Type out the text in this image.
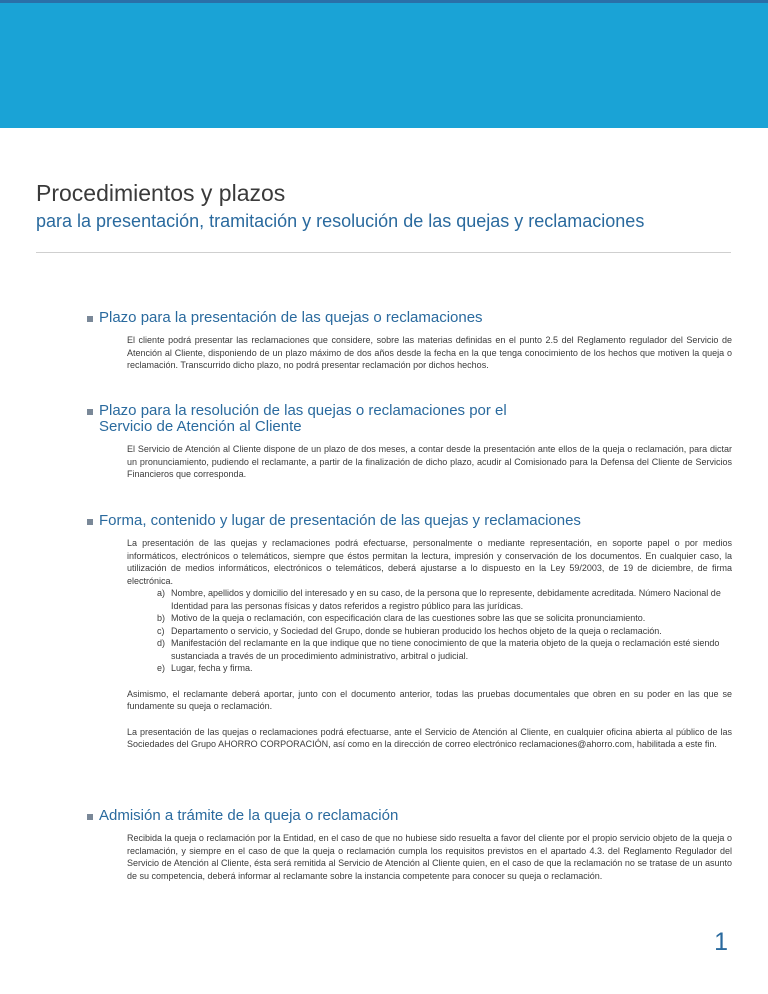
Procedimientos y plazos
para la presentación, tramitación y resolución de las quejas y reclamaciones
Plazo para la presentación de las quejas o reclamaciones

El cliente podrá presentar las reclamaciones que considere, sobre las materias definidas en el punto 2.5 del Reglamento regulador del Servicio de Atención al Cliente, disponiendo de un plazo máximo de dos años desde la fecha en la que tenga conocimiento de los hechos que motiven la queja o reclamación. Transcurrido dicho plazo, no podrá presentar reclamación por dichos hechos.

Plazo para la resolución de las quejas o reclamaciones por el
Servicio de Atención al Cliente

El Servicio de Atención al Cliente dispone de un plazo de dos meses, a contar desde la presentación ante ellos de la queja o reclamación, para dictar un pronunciamiento, pudiendo el reclamante, a partir de la finalización de dicho plazo, acudir al Comisionado para la Defensa del Cliente de Servicios Financieros que corresponda.

Forma, contenido y lugar de presentación de las quejas y reclamaciones

La presentación de las quejas y reclamaciones podrá efectuarse, personalmente o mediante representación, en soporte papel o por medios informáticos, electrónicos o telemáticos, siempre que éstos permitan la lectura, impresión y conservación de los documentos. En cualquier caso, la utilización de medios informáticos, electrónicos o telemáticos, deberá ajustarse a lo dispuesto en la Ley 59/2003, de 19 de diciembre, de firma electrónica.

a) Nombre, apellidos y domicilio del interesado y en su caso, de la persona que lo represente, debidamente acreditada. Número Nacional de Identidad para las personas físicas y datos referidos a registro público para las jurídicas.
b) Motivo de la queja o reclamación, con especificación clara de las cuestiones sobre las que se solicita pronunciamiento.
c) Departamento o servicio, y Sociedad del Grupo, donde se hubieran producido los hechos objeto de la queja o reclamación.
d) Manifestación del reclamante en la que indique que no tiene conocimiento de que la materia objeto de la queja o reclamación esté siendo sustanciada a través de un procedimiento administrativo, arbitral o judicial.
e) Lugar, fecha y firma.

Asimismo, el reclamante deberá aportar, junto con el documento anterior, todas las pruebas documentales que obren en su poder en las que se fundamente su queja o reclamación.

La presentación de las quejas o reclamaciones podrá efectuarse, ante el Servicio de Atención al Cliente, en cualquier oficina abierta al público de las Sociedades del Grupo AHORRO CORPORACIÓN, así como en la dirección de correo electrónico reclamaciones@ahorro.com, habilitada a este fin.

Admisión a trámite de la queja o reclamación

Recibida la queja o reclamación por la Entidad, en el caso de que no hubiese sido resuelta a favor del cliente por el propio servicio objeto de la queja o reclamación, y siempre en el caso de que la queja o reclamación cumpla los requisitos previstos en el apartado 4.3. del Reglamento Regulador del Servicio de Atención al Cliente, ésta será remitida al Servicio de Atención al Cliente quien, en el caso de que la reclamación no se tratase de un asunto de su competencia, deberá informar al reclamante sobre la instancia competente para conocer su queja o reclamación.

1
